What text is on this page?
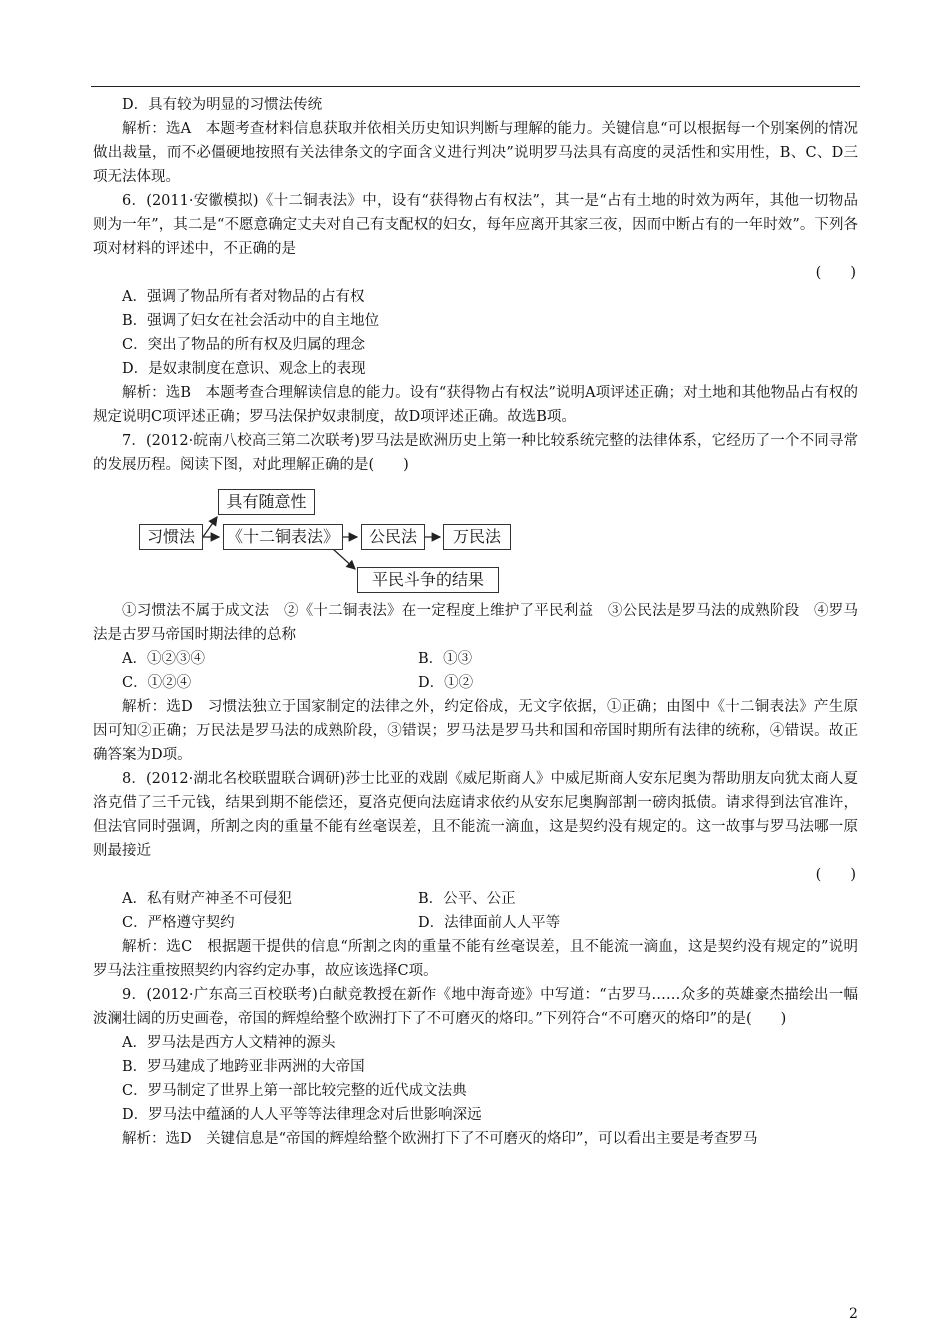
D．具有较为明显的习惯法传统

解析：选A　本题考查材料信息获取并依相关历史知识判断与理解的能力。关键信息“可以根据每一个别案例的情况做出裁量，而不必僵硬地按照有关法律条文的字面含义进行判决”说明罗马法具有高度的灵活性和实用性，B、C、D三项无法体现。

6．(2011·安徽模拟)《十二铜表法》中，设有“获得物占有权法”，其一是“占有土地的时效为两年，其他一切物品则为一年”，其二是“不愿意确定丈夫对自己有支配权的妇女，每年应离开其家三夜，因而中断占有的一年时效”。下列各项对材料的评述中，不正确的是

(　　)

A．强调了物品所有者对物品的占有权

B．强调了妇女在社会活动中的自主地位

C．突出了物品的所有权及归属的理念

D．是奴隶制度在意识、观念上的表现

解析：选B　本题考查合理解读信息的能力。设有“获得物占有权法”说明A项评述正确；对土地和其他物品占有权的规定说明C项评述正确；罗马法保护奴隶制度，故D项评述正确。故选B项。

7．(2012·皖南八校高三第二次联考)罗马法是欧洲历史上第一种比较系统完整的法律体系，它经历了一个不同寻常的发展历程。阅读下图，对此理解正确的是(　　)

具有随意性
习惯法	《十二铜表法》	公民法	万民法
平民斗争的结果

①习惯法不属于成文法　②《十二铜表法》在一定程度上维护了平民利益　③公民法是罗马法的成熟阶段　④罗马法是古罗马帝国时期法律的总称

A．①②③④	B．①③
C．①②④	D．①②

解析：选D　习惯法独立于国家制定的法律之外，约定俗成，无文字依据，①正确；由图中《十二铜表法》产生原因可知②正确；万民法是罗马法的成熟阶段，③错误；罗马法是罗马共和国和帝国时期所有法律的统称，④错误。故正确答案为D项。

8．(2012·湖北名校联盟联合调研)莎士比亚的戏剧《威尼斯商人》中威尼斯商人安东尼奥为帮助朋友向犹太商人夏洛克借了三千元钱，结果到期不能偿还，夏洛克便向法庭请求依约从安东尼奥胸部割一磅肉抵债。请求得到法官准许，但法官同时强调，所割之肉的重量不能有丝毫误差，且不能流一滴血，这是契约没有规定的。这一故事与罗马法哪一原则最接近

(　　)

A．私有财产神圣不可侵犯	B．公平、公正
C．严格遵守契约	D．法律面前人人平等

解析：选C　根据题干提供的信息“所割之肉的重量不能有丝毫误差，且不能流一滴血，这是契约没有规定的”说明罗马法注重按照契约内容约定办事，故应该选择C项。

9．(2012·广东高三百校联考)白献竞教授在新作《地中海奇迹》中写道：“古罗马……众多的英雄豪杰描绘出一幅波澜壮阔的历史画卷，帝国的辉煌给整个欧洲打下了不可磨灭的烙印。”下列符合“不可磨灭的烙印”的是(　　)

A．罗马法是西方人文精神的源头

B．罗马建成了地跨亚非两洲的大帝国

C．罗马制定了世界上第一部比较完整的近代成文法典

D．罗马法中蕴涵的人人平等等法律理念对后世影响深远

解析：选D　关键信息是“帝国的辉煌给整个欧洲打下了不可磨灭的烙印”，可以看出主要是考查罗马

2
